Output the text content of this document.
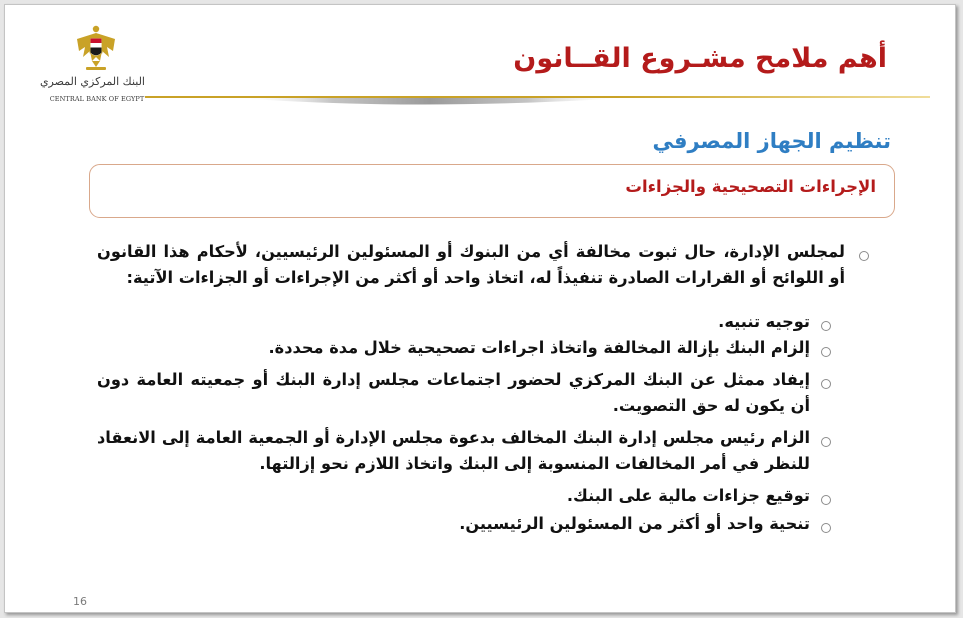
البنك المركزي المصري
CENTRAL BANK OF EGYPT
أهم ملامح مشـروع القــانون
تنظيم الجهاز المصرفي
الإجراءات التصحيحية والجزاءات
لمجلس الإدارة، حال ثبوت مخالفة أي من البنوك أو المسئولين الرئيسيين، لأحكام هذا القانون أو اللوائح أو القرارات الصادرة تنفيذاً له، اتخاذ واحد أو أكثر من الإجراءات أو الجزاءات الآتية:
توجيه تنبيه.
إلزام البنك بإزالة المخالفة واتخاذ اجراءات تصحيحية خلال مدة محددة.
إيفاد ممثل عن البنك المركزي لحضور اجتماعات مجلس إدارة البنك أو جمعيته العامة دون أن يكون له حق التصويت.
الزام رئيس مجلس إدارة البنك المخالف بدعوة مجلس الإدارة أو الجمعية العامة إلى الانعقاد للنظر في أمر المخالفات المنسوبة إلى البنك واتخاذ اللازم نحو إزالتها.
توقيع جزاءات مالية على البنك.
تنحية واحد أو أكثر من المسئولين الرئيسيين.
16
